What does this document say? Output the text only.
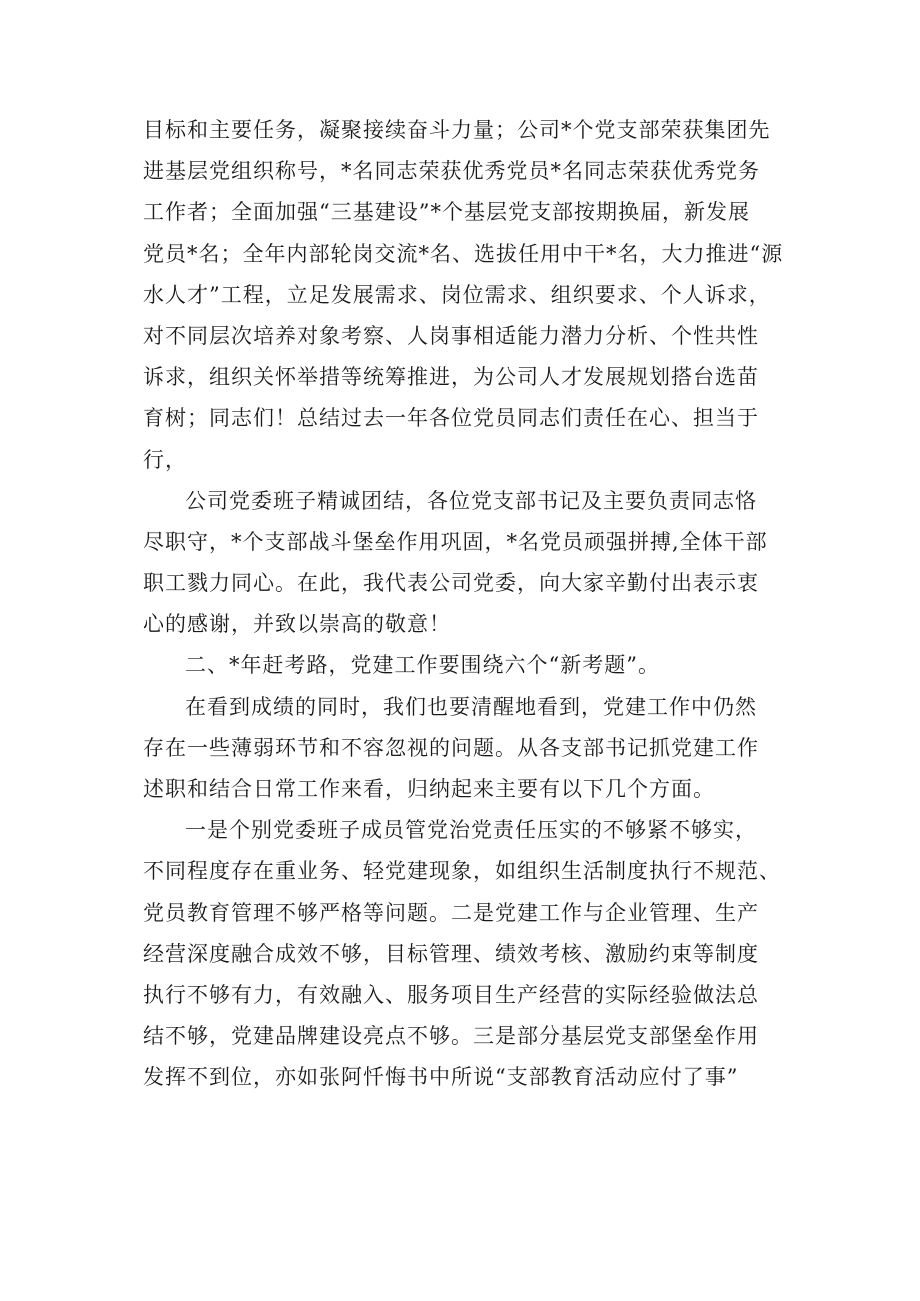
目标和主要任务，凝聚接续奋斗力量；公司*个党支部荣获集团先
进基层党组织称号，*名同志荣获优秀党员*名同志荣获优秀党务
工作者；全面加强“三基建设”*个基层党支部按期换届，新发展
党员*名；全年内部轮岗交流*名、选拔任用中干*名，大力推进“源
水人才”工程，立足发展需求、岗位需求、组织要求、个人诉求，
对不同层次培养对象考察、人岗事相适能力潜力分析、个性共性
诉求，组织关怀举措等统筹推进，为公司人才发展规划搭台选苗
育树；同志们！总结过去一年各位党员同志们责任在心、担当于
行，
公司党委班子精诚团结，各位党支部书记及主要负责同志恪
尽职守，*个支部战斗堡垒作用巩固，*名党员顽强拼搏,全体干部
职工戮力同心。在此，我代表公司党委，向大家辛勤付出表示衷
心的感谢，并致以崇高的敬意！
二、*年赶考路，党建工作要围绕六个“新考题”。
在看到成绩的同时，我们也要清醒地看到，党建工作中仍然
存在一些薄弱环节和不容忽视的问题。从各支部书记抓党建工作
述职和结合日常工作来看，归纳起来主要有以下几个方面。
一是个别党委班子成员管党治党责任压实的不够紧不够实，
不同程度存在重业务、轻党建现象，如组织生活制度执行不规范、
党员教育管理不够严格等问题。二是党建工作与企业管理、生产
经营深度融合成效不够，目标管理、绩效考核、激励约束等制度
执行不够有力，有效融入、服务项目生产经营的实际经验做法总
结不够，党建品牌建设亮点不够。三是部分基层党支部堡垒作用
发挥不到位，亦如张阿忏悔书中所说“支部教育活动应付了事”
